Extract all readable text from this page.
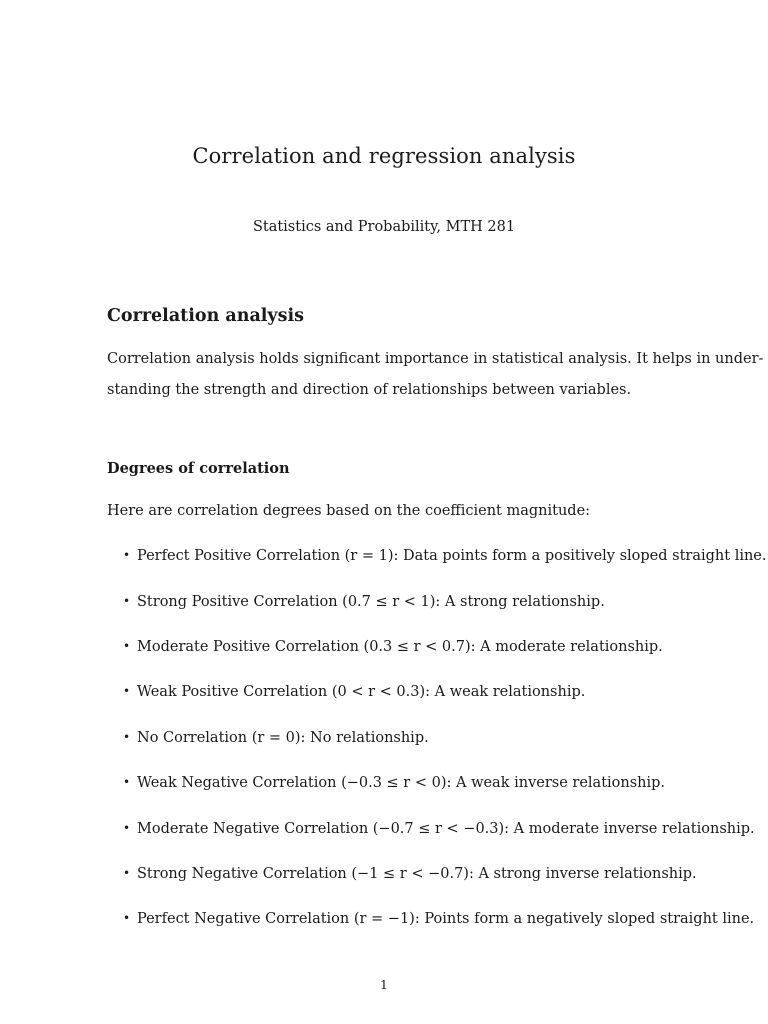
Correlation and regression analysis
Statistics and Probability, MTH 281
Correlation analysis
Correlation analysis holds significant importance in statistical analysis. It helps in under-
standing the strength and direction of relationships between variables.
Degrees of correlation
Here are correlation degrees based on the coefficient magnitude:
• Perfect Positive Correlation (r = 1): Data points form a positively sloped straight line.
• Strong Positive Correlation (0.7 ≤ r < 1): A strong relationship.
• Moderate Positive Correlation (0.3 ≤ r < 0.7): A moderate relationship.
• Weak Positive Correlation (0 < r < 0.3): A weak relationship.
• No Correlation (r = 0): No relationship.
• Weak Negative Correlation (−0.3 ≤ r < 0): A weak inverse relationship.
• Moderate Negative Correlation (−0.7 ≤ r < −0.3): A moderate inverse relationship.
• Strong Negative Correlation (−1 ≤ r < −0.7): A strong inverse relationship.
• Perfect Negative Correlation (r = −1): Points form a negatively sloped straight line.
1
